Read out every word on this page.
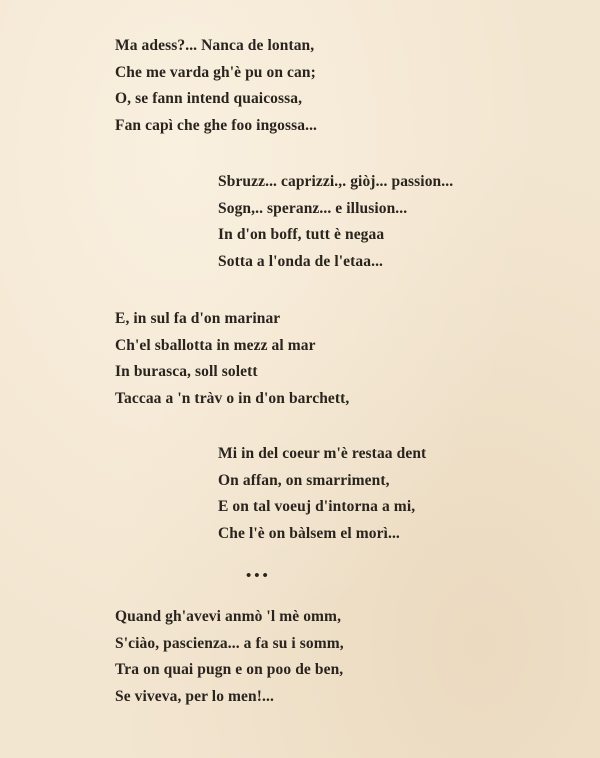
Ma adess?... Nanca de lontan,
Che me varda gh'è pu on can;
O, se fann intend quaicossa,
Fan capì che ghe foo ingossa...
Sbruzz... caprizzi.,. giòj... passion...
Sogn,.. speranz... e illusion...
In d'on boff, tutt è negaa
Sotta a l'onda de l'etaa...
E, in sul fa d'on marinar
Ch'el sballotta in mezz al mar
In burasca, soll solett
Taccaa a 'n tràv o in d'on barchett,
Mi in del coeur m'è restaa dent
On affan, on smarriment,
E on tal voeuj d'intorna a mi,
Che l'è on bàlsem el morì...
•••
Quand gh'avevi anmò 'l mè omm,
S'ciào, pascienza... a fa su i somm,
Tra on quai pugn e on poo de ben,
Se viveva, per lo men!...
